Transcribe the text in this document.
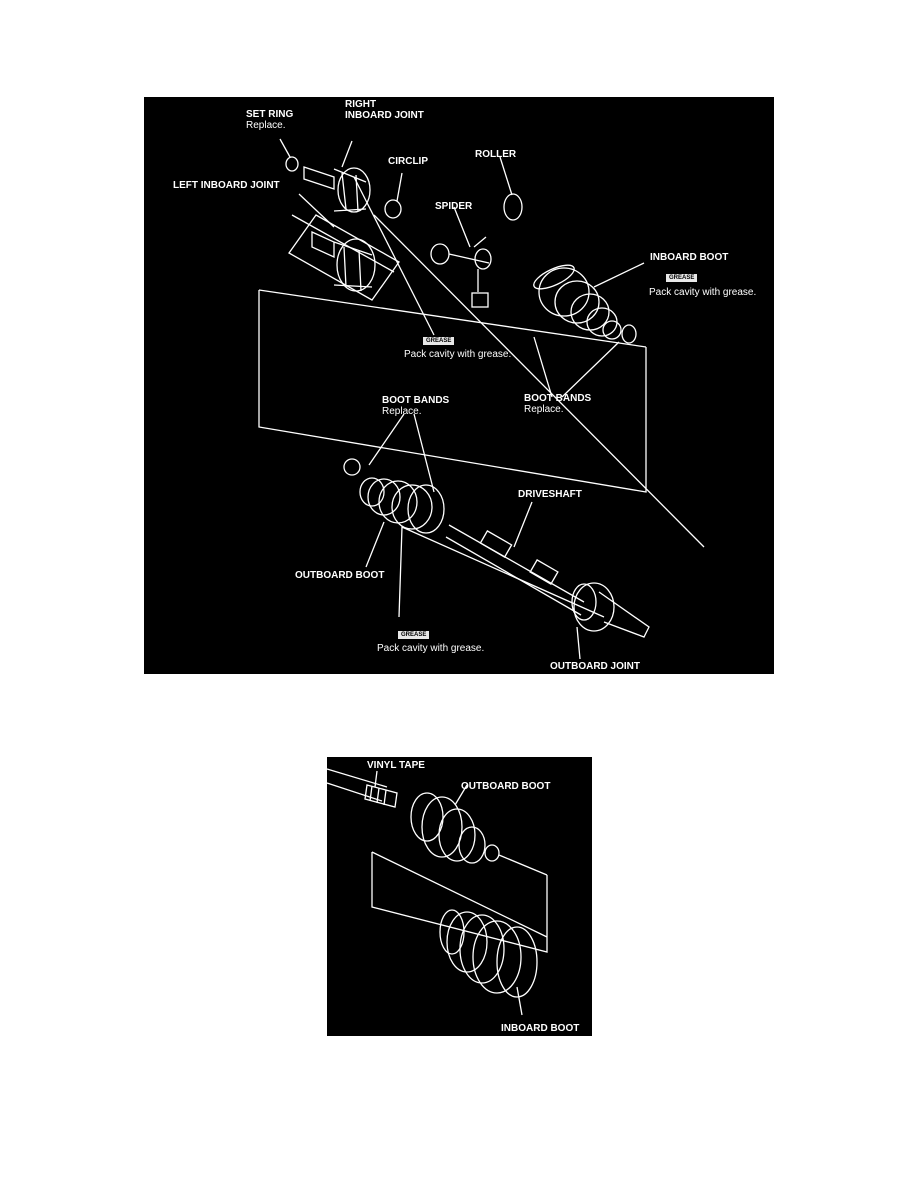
SET RING
Replace.
RIGHT
INBOARD JOINT
CIRCLIP
ROLLER
LEFT INBOARD JOINT
SPIDER
INBOARD BOOT
GREASE
Pack cavity with grease.
GREASE
Pack cavity with grease.
BOOT BANDS
Replace.
BOOT BANDS
Replace.
DRIVESHAFT
OUTBOARD BOOT
GREASE
Pack cavity with grease.
OUTBOARD JOINT
VINYL TAPE
OUTBOARD BOOT
INBOARD BOOT
